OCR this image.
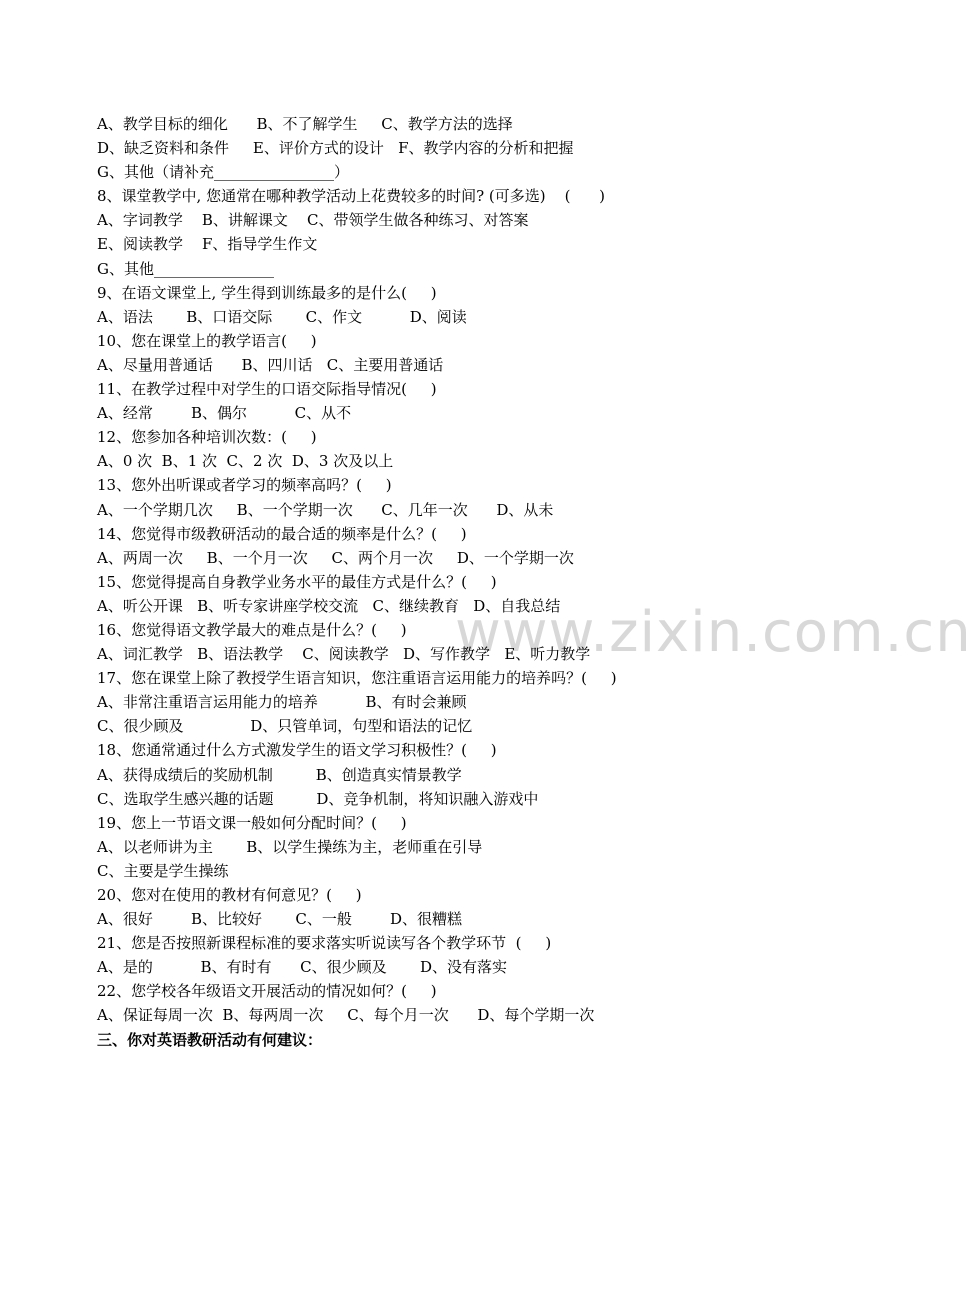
www.zixin.com.cn
A、教学目标的细化      B、不了解学生     C、教学方法的选择
D、缺乏资料和条件     E、评价方式的设计   F、教学内容的分析和把握
G、其他（请补充________________）
8、课堂教学中, 您通常在哪种教学活动上花费较多的时间? (可多选)    (      )
A、字词教学    B、讲解课文    C、带领学生做各种练习、对答案
E、阅读教学    F、指导学生作文
G、其他________________
9、在语文课堂上, 学生得到训练最多的是什么(     )
A、语法       B、口语交际       C、作文          D、阅读
10、您在课堂上的教学语言(     )
A、尽量用普通话      B、四川话   C、主要用普通话
11、在教学过程中对学生的口语交际指导情况(     )
A、经常        B、偶尔          C、从不
12、您参加各种培训次数：(     )
A、0 次  B、1 次  C、2 次  D、3 次及以上
13、您外出听课或者学习的频率高吗？(     )
A、一个学期几次     B、一个学期一次      C、几年一次      D、从未
14、您觉得市级教研活动的最合适的频率是什么？(     )
A、两周一次     B、一个月一次     C、两个月一次     D、一个学期一次
15、您觉得提高自身教学业务水平的最佳方式是什么？(     )
A、听公开课   B、听专家讲座学校交流   C、继续教育   D、自我总结
16、您觉得语文教学最大的难点是什么？(     )
A、词汇教学   B、语法教学    C、阅读教学   D、写作教学   E、听力教学
17、您在课堂上除了教授学生语言知识，您注重语言运用能力的培养吗？(     )
A、非常注重语言运用能力的培养          B、有时会兼顾
C、很少顾及              D、只管单词，句型和语法的记忆
18、您通常通过什么方式激发学生的语文学习积极性？(     )
A、获得成绩后的奖励机制         B、创造真实情景教学
C、选取学生感兴趣的话题         D、竞争机制，将知识融入游戏中
19、您上一节语文课一般如何分配时间？(     )
A、以老师讲为主       B、以学生操练为主，老师重在引导
C、主要是学生操练
20、您对在使用的教材有何意见？(     )
A、很好        B、比较好       C、一般        D、很糟糕
21、您是否按照新课程标准的要求落实听说读写各个教学环节  (     )
A、是的          B、有时有      C、很少顾及       D、没有落实
22、您学校各年级语文开展活动的情况如何？(     )
A、保证每周一次  B、每两周一次     C、每个月一次      D、每个学期一次
三、你对英语教研活动有何建议：
